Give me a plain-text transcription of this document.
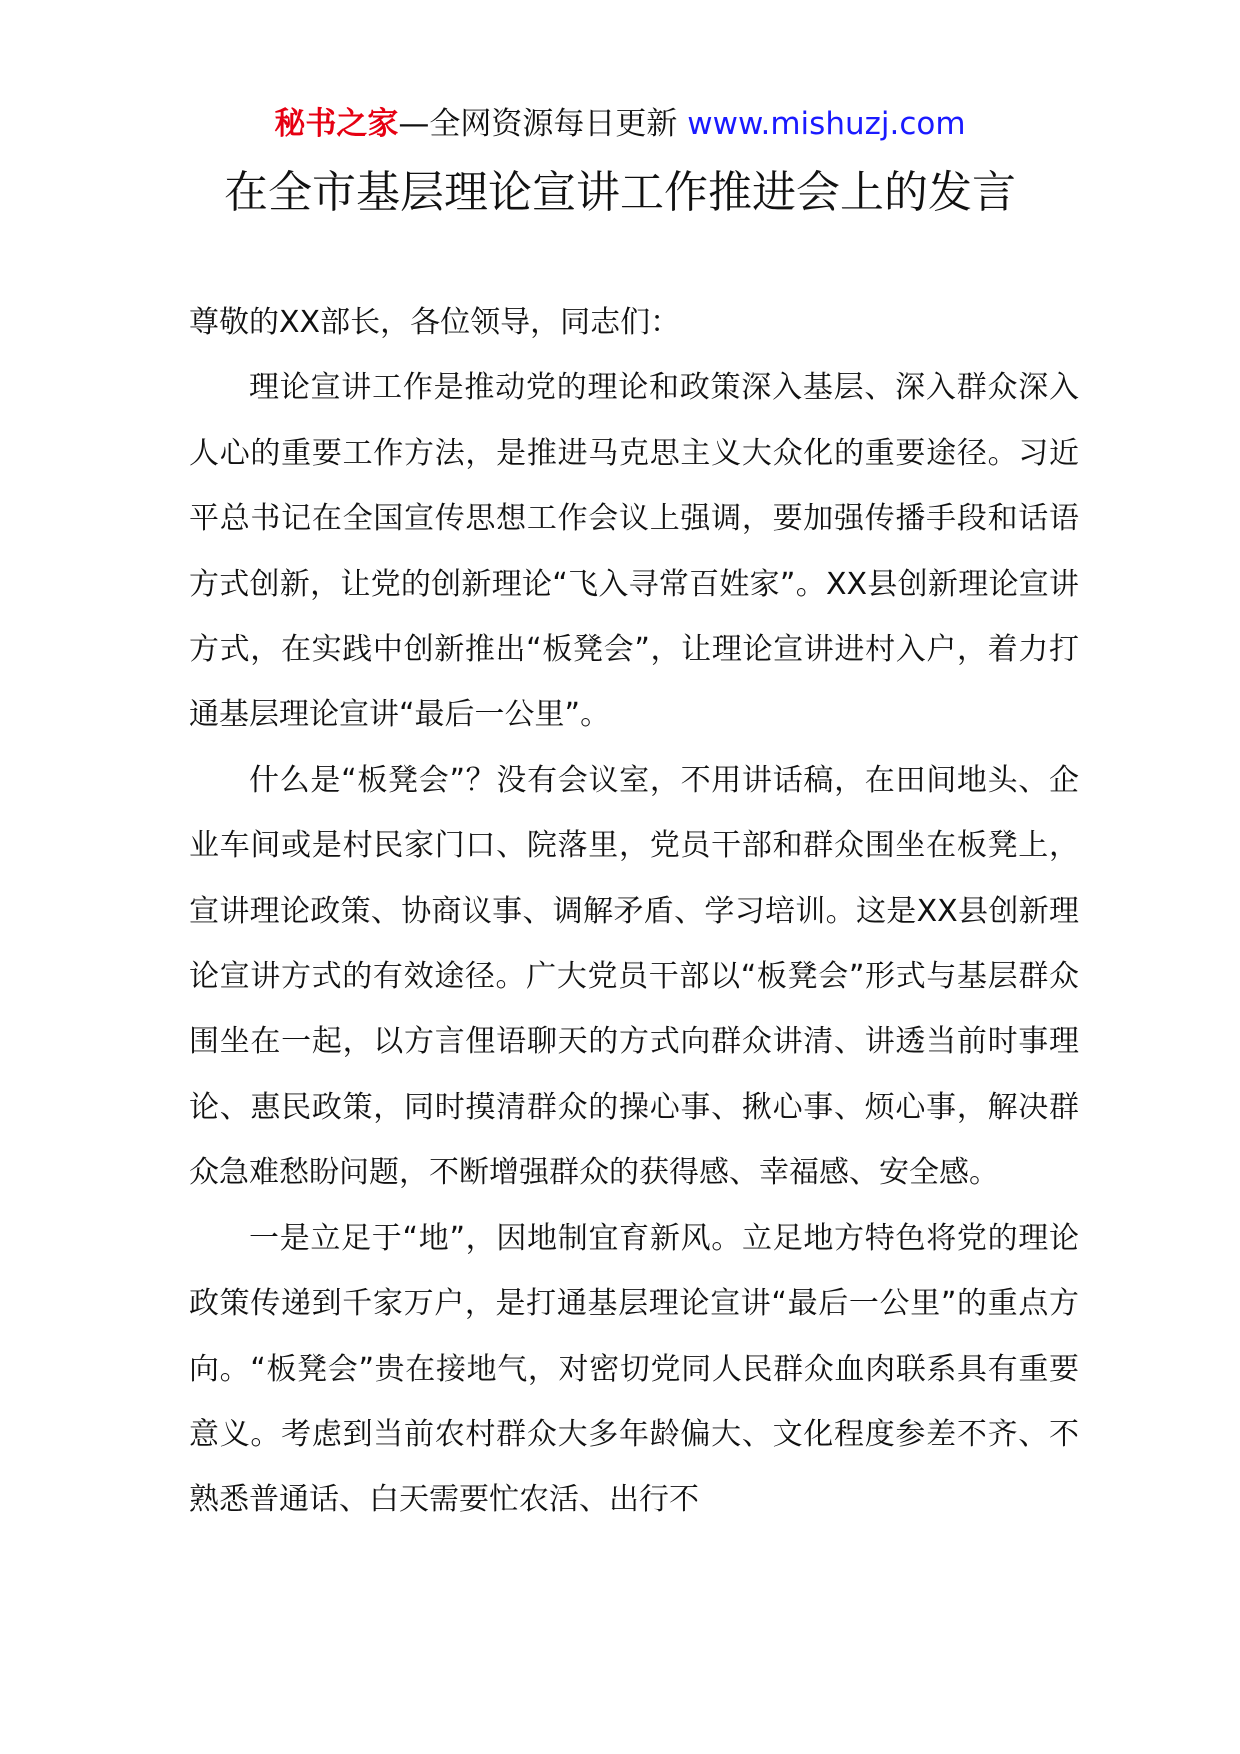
秘书之家—全网资源每日更新 www.mishuzj.com
在全市基层理论宣讲工作推进会上的发言

尊敬的XX部长，各位领导，同志们：

理论宣讲工作是推动党的理论和政策深入基层、深入群众深入人心的重要工作方法，是推进马克思主义大众化的重要途径。习近平总书记在全国宣传思想工作会议上强调，要加强传播手段和话语方式创新，让党的创新理论“飞入寻常百姓家”。XX县创新理论宣讲方式，在实践中创新推出“板凳会”，让理论宣讲进村入户，着力打通基层理论宣讲“最后一公里”。

什么是“板凳会”？没有会议室，不用讲话稿，在田间地头、企业车间或是村民家门口、院落里，党员干部和群众围坐在板凳上，宣讲理论政策、协商议事、调解矛盾、学习培训。这是XX县创新理论宣讲方式的有效途径。广大党员干部以“板凳会”形式与基层群众围坐在一起，以方言俚语聊天的方式向群众讲清、讲透当前时事理论、惠民政策，同时摸清群众的操心事、揪心事、烦心事，解决群众急难愁盼问题，不断增强群众的获得感、幸福感、安全感。

一是立足于“地”，因地制宜育新风。立足地方特色将党的理论政策传递到千家万户，是打通基层理论宣讲“最后一公里”的重点方向。“板凳会”贵在接地气，对密切党同人民群众血肉联系具有重要意义。考虑到当前农村群众大多年龄偏大、文化程度参差不齐、不熟悉普通话、白天需要忙农活、出行不
